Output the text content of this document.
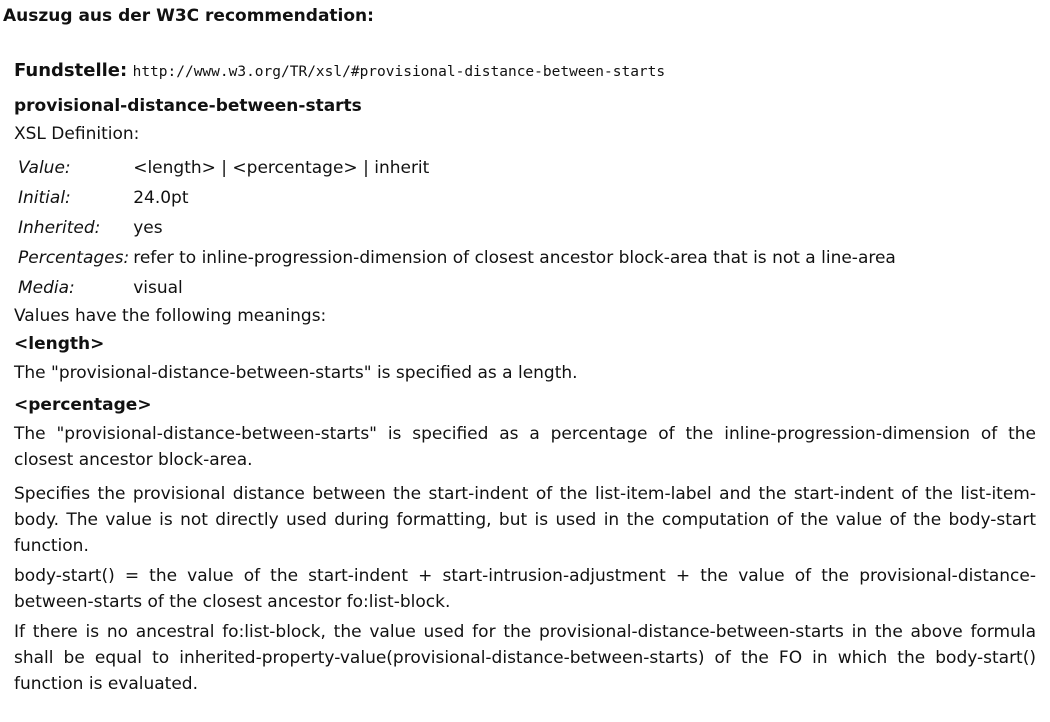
Auszug aus der W3C recommendation:

Fundstelle: http://www.w3.org/TR/xsl/#provisional-distance-between-starts

provisional-distance-between-starts
XSL Definition:
Value:	<length> | <percentage> | inherit
Initial:	24.0pt
Inherited:	yes
Percentages:	refer to inline-progression-dimension of closest ancestor block-area that is not a line-area
Media:	visual

Values have the following meanings:

<length>

The "provisional-distance-between-starts" is specified as a length.

<percentage>

The "provisional-distance-between-starts" is specified as a percentage of the inline-progression-dimension of the closest ancestor block-area.

Specifies the provisional distance between the start-indent of the list-item-label and the start-indent of the list-item-body. The value is not directly used during formatting, but is used in the computation of the value of the body-start function.

body-start() = the value of the start-indent + start-intrusion-adjustment + the value of the provisional-distance-between-starts of the closest ancestor fo:list-block.

If there is no ancestral fo:list-block, the value used for the provisional-distance-between-starts in the above formula shall be equal to inherited-property-value(provisional-distance-between-starts) of the FO in which the body-start() function is evaluated.
